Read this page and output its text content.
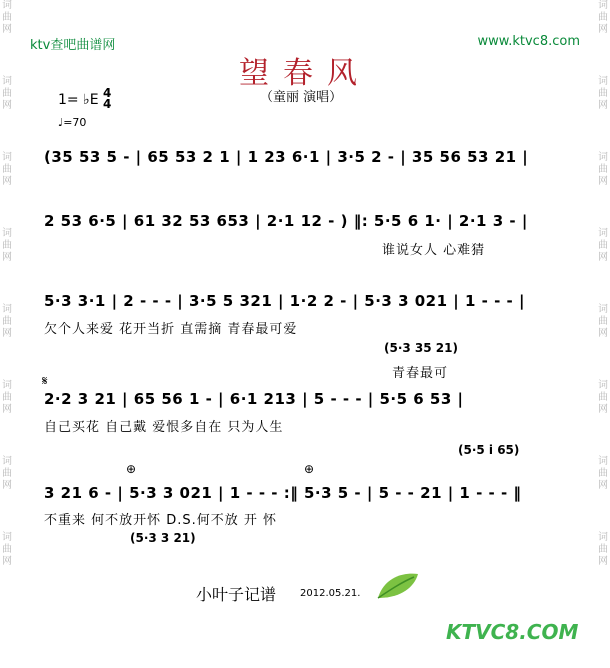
词
曲
网
词
曲
网
词
曲
网
词
曲
网
词
曲
网
词
曲
网
词
曲
网
词
曲
网
词
曲
网
词
曲
网
词
曲
网
词
曲
网
词
曲
网
词
曲
网
词
曲
网
词
曲
网
ktv查吧曲谱网	www.ktvc8.com
望春风
（童丽 演唱）
1= ♭E 4
4
♩=70
(35 53 5 - | 65 53 2 1 | 1 23 6·1 | 3·5 2 - | 35 56 53 21 |
2 53 6·5 | 61 32 53 653 | 2·1 12 - ) ‖: 5·5 6 1· | 2·1 3 - |
谁说女人 心难猜
5·3 3·1 | 2 - - - | 3·5 5 321 | 1·2 2 - | 5·3 3 021 | 1 - - - |
欠个人来爱 花开当折 直需摘 青春最可爱
(5·3 35 21)
青春最可
𝄋
2·2 3 21 | 65 56 1 - | 6·1 213 | 5 - - - | 5·5 6 53 |
自己买花 自己戴 爱恨多自在 只为人生
(5·5 i 65)
⊕	⊕
3 21 6 - | 5·3 3 021 | 1 - - - :‖ 5·3 5 - | 5 - - 21 | 1 - - - ‖
不重来 何不放开怀 D.S.何不放 开 怀
(5·3 3 21)
小叶子记谱 2012.05.21.
KTVC8.COM
